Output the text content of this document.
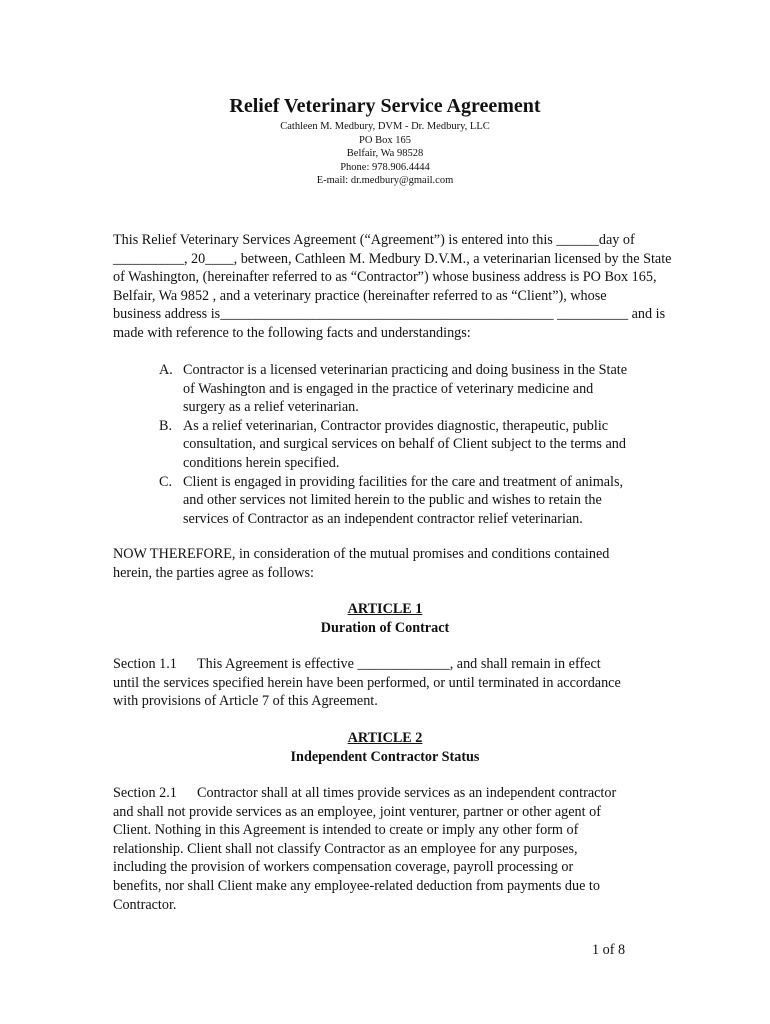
Relief Veterinary Service Agreement
Cathleen M. Medbury, DVM - Dr. Medbury, LLC
PO Box 165
Belfair, Wa 98528
Phone: 978.906.4444
E-mail: dr.medbury@gmail.com
This Relief Veterinary Services Agreement (“Agreement”) is entered into this ______day of
__________, 20____, between, Cathleen M. Medbury D.V.M., a veterinarian licensed by the State
of Washington, (hereinafter referred to as “Contractor”) whose business address is PO Box 165,
Belfair, Wa 9852 , and a veterinary practice (hereinafter referred to as “Client”), whose
business address is_______________________________________________ __________ and is
made with reference to the following facts and understandings:
A. Contractor is a licensed veterinarian practicing and doing business in the State
of Washington and is engaged in the practice of veterinary medicine and
surgery as a relief veterinarian.
B. As a relief veterinarian, Contractor provides diagnostic, therapeutic, public
consultation, and surgical services on behalf of Client subject to the terms and
conditions herein specified.
C. Client is engaged in providing facilities for the care and treatment of animals,
and other services not limited herein to the public and wishes to retain the
services of Contractor as an independent contractor relief veterinarian.
NOW THEREFORE, in consideration of the mutual promises and conditions contained
herein, the parties agree as follows:
ARTICLE 1
Duration of Contract
Section 1.1 This Agreement is effective _____________, and shall remain in effect
until the services specified herein have been performed, or until terminated in accordance
with provisions of Article 7 of this Agreement.
ARTICLE 2
Independent Contractor Status
Section 2.1 Contractor shall at all times provide services as an independent contractor
and shall not provide services as an employee, joint venturer, partner or other agent of
Client. Nothing in this Agreement is intended to create or imply any other form of
relationship. Client shall not classify Contractor as an employee for any purposes,
including the provision of workers compensation coverage, payroll processing or
benefits, nor shall Client make any employee-related deduction from payments due to
Contractor.
1 of 8
